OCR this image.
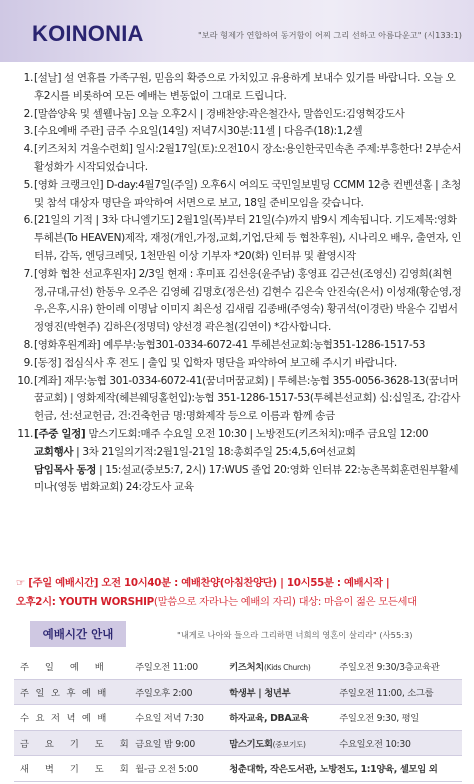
KOINONIA	"보라 형제가 연합하여 동거함이 어찌 그리 선하고 아름다운고" (시133:1)
1. [설날] 설 연휴를 가족구원, 믿음의 확증으로 가치있고 유용하게 보내수 있기를 바랍니다. 오늘 오후2시를 비롯하여 모든 예배는 변동없이 그대로 드립니다.
2. [말씀양육 및 셀웰나눔] 오늘 오후2시 | 경배찬양:곽은철간사, 말씀인도:김영혁강도사
3. [수요예배 주관] 금주 수요일(14일) 저녁7시30분:11셀 | 다음주(18):1,2셀
4. [키즈처치 겨울수련회] 일시:2월17일(토):오전10시 장소:용인한국민속촌 주제:부흥한다! 2부순서 활성화가 시작되었습니다.
5. [영화 크랭크인] D-day:4월7일(주일) 오후6시 여의도 국민일보빌딩 CCMM 12층 컨벤션홀 | 초청 및 참석 대상자 명단을 파악하여 서면으로 보고, 18일 준비모임을 갖습니다.
6. [21일의 기적 | 3차 다니엘기도] 2월1일(목)부터 21일(수)까지 밤9시 계속됩니다. 기도제목:영화 투헤븐(To HEAVEN)제작, 재정(개인,가정,교회,기업,단체 등 협찬후원), 시나리오 배우, 출연자, 인터뷰, 감독, 엔딩크레딧, 1천만원 이상 기부자 *20(화) 인터뷰 및 촬영시작
7. [영화 협찬 선교후원자] 2/3일 현재 : 후미표 김선응(윤주남) 홍영표 김근선(조영신) 김영희(최현정,규대,규선) 한동우 오주은 김영혜 김명호(정은선) 김현수 김은숙 안진숙(은서) 이성재(황순영,정우,은후,시유) 한이레 이명남 이미지 최은성 김새림 김종배(주영숙) 황귀석(이경란) 박윤수 김범서 정영진(박현주) 김하은(정명덕) 양선경 곽은철(김연이) *감사합니다.
8. [영화후원계좌] 예루부:농협301-0334-6072-41 투헤븐선교회:농협351-1286-1517-53
9. [동정] 접심식사 후 전도 | 출입 및 입학자 명단을 파악하여 보고해 주시기 바랍니다.
10. [계좌] 재무:농협 301-0334-6072-41(꿈너머꿈교회) | 투헤븐:농협 355-0056-3628-13(꿈너머꿈교회) | 영화제작(헤븐웨딩홀헌입):농협 351-1286-1517-53(투헤븐선교회) 십:십일조, 감:감사헌금, 선:선교헌금, 건:건축헌금 명:명화제작 등으로 이름과 함께 송금
11. [주중 일정] 맘스기도회:매주 수요일 오전 10:30 | 노방전도(키즈처치):매주 금요일 12:00
교회행사 | 3차 21일의기적:2월1일-21일 18:총회주일 25:4,5,6여선교회
담임목사 동정 | 15:설교(중보5:7, 2시) 17:WUS 졸업 20:영화 인터뷰 22:농촌목회훈련원부활세미나(영동 범화교회) 24:강도사 교육
☞ [주일 예배시간] 오전 10시40분 : 예배찬양(아침찬양단) | 10시55분 : 예배시작 |
오후2시: YOUTH WORSHIP(말씀으로 자라나는 예배의 자리) 대상: 마음이 젊은 모든세대
예배시간 안내	"내게로 나아와 들으라 그리하면 너희의 영혼이 살리라" (사55:3)
주 일 예 배	주일오전 11:00	키즈처치(Kids Church)	주일오전 9:30/3층교육관
주일오후예배	주일오후 2:00	학생부 | 청년부	주일오전 11:00, 소그룹
수요저녁예배	수요일 저녁 7:30	하자교육, DBA교육	주일오전 9:30, 평일
금 요 기 도 회	금요일 밤 9:00	맘스기도회(중보기도)	수요일오전 10:30
새 벽 기 도 회	월-금 오전 5:00	청춘대학, 작은도서관, 노방전도, 1:1양육, 셀모임 외	
